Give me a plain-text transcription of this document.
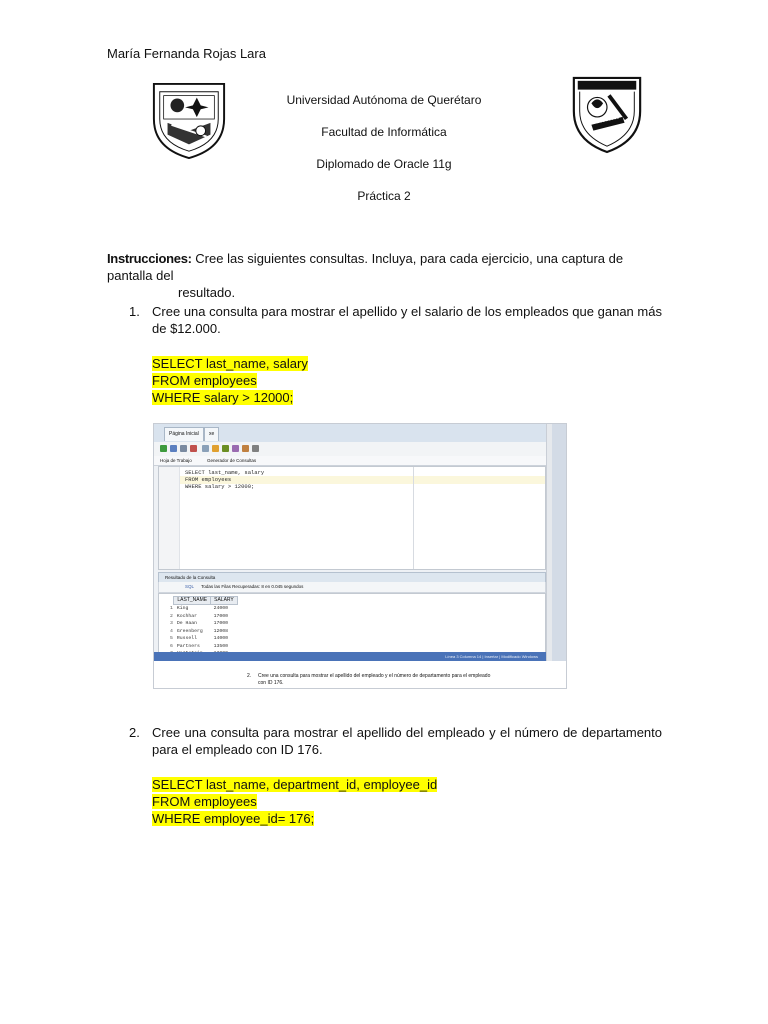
María Fernanda Rojas Lara
Universidad Autónoma de Querétaro
Facultad de Informática
Diplomado de Oracle 11g
Práctica 2
Instrucciones: Cree las siguientes consultas. Incluya, para cada ejercicio, una captura de pantalla del
resultado.
1. Cree una consulta para mostrar el apellido y el salario de los empleados que ganan más de $12.000.
SELECT last_name, salary
FROM employees
WHERE salary > 12000;
Página Inicial	xe
Hoja de Trabajo	Generador de Consultas
SELECT last_name, salary
FROM employees
WHERE salary > 12000;
Resultado de la Consulta
SQL Todas las Filas Recuperadas: 8 en 0.045 segundos
	LAST_NAME	SALARY
1	King	24000
2	Kochhar	17000
3	De Haan	17000
4	Greenberg	12008
5	Russell	14000
6	Partners	13500

Línea 3 Columna 14 | Insertar | Modificado Windows
2. Cree una consulta para mostrar el apellido del empleado y el número de departamento para el empleado con ID 176.
2. Cree una consulta para mostrar el apellido del empleado y el número de departamento para el empleado con ID 176.
SELECT last_name, department_id, employee_id
FROM employees
WHERE employee_id= 176;
